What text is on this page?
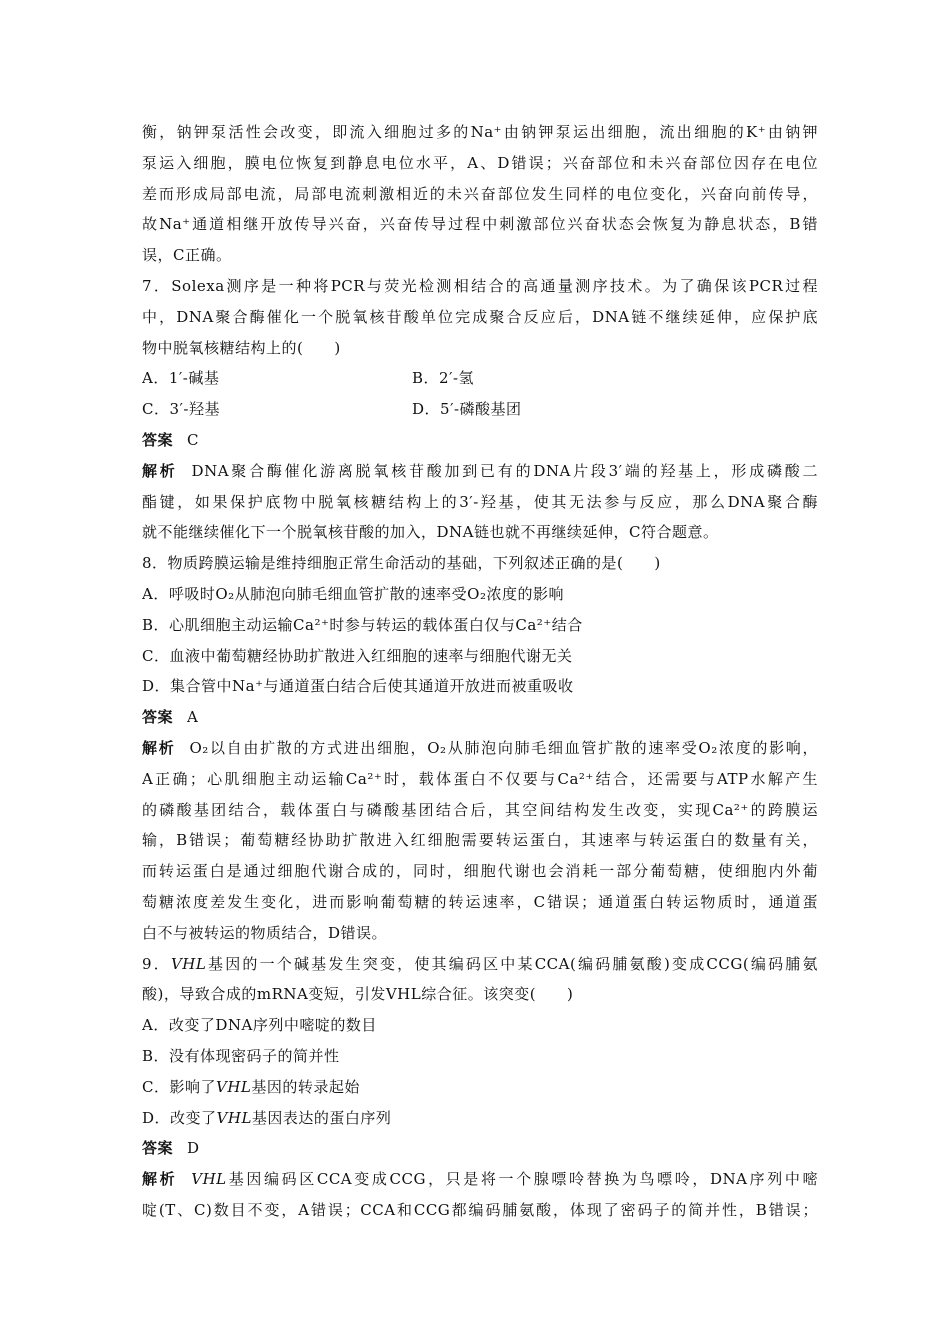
衡，钠钾泵活性会改变，即流入细胞过多的Na⁺由钠钾泵运出细胞，流出细胞的K⁺由钠钾
泵运入细胞，膜电位恢复到静息电位水平，A、D错误；兴奋部位和未兴奋部位因存在电位
差而形成局部电流，局部电流刺激相近的未兴奋部位发生同样的电位变化，兴奋向前传导，
故Na⁺通道相继开放传导兴奋，兴奋传导过程中刺激部位兴奋状态会恢复为静息状态，B错
误，C正确。
7．Solexa测序是一种将PCR与荧光检测相结合的高通量测序技术。为了确保该PCR过程
中，DNA聚合酶催化一个脱氧核苷酸单位完成聚合反应后，DNA链不继续延伸，应保护底
物中脱氧核糖结构上的(　　)
A．1′-碱基	B．2′-氢
C．3′-羟基	D．5′-磷酸基团
答案 C
解析 DNA聚合酶催化游离脱氧核苷酸加到已有的DNA片段3′端的羟基上，形成磷酸二
酯键，如果保护底物中脱氧核糖结构上的3′-羟基，使其无法参与反应，那么DNA聚合酶
就不能继续催化下一个脱氧核苷酸的加入，DNA链也就不再继续延伸，C符合题意。
8．物质跨膜运输是维持细胞正常生命活动的基础，下列叙述正确的是(　　)
A．呼吸时O₂从肺泡向肺毛细血管扩散的速率受O₂浓度的影响
B．心肌细胞主动运输Ca²⁺时参与转运的载体蛋白仅与Ca²⁺结合
C．血液中葡萄糖经协助扩散进入红细胞的速率与细胞代谢无关
D．集合管中Na⁺与通道蛋白结合后使其通道开放进而被重吸收
答案 A
解析 O₂以自由扩散的方式进出细胞，O₂从肺泡向肺毛细血管扩散的速率受O₂浓度的影响，
A正确；心肌细胞主动运输Ca²⁺时，载体蛋白不仅要与Ca²⁺结合，还需要与ATP水解产生
的磷酸基团结合，载体蛋白与磷酸基团结合后，其空间结构发生改变，实现Ca²⁺的跨膜运
输，B错误；葡萄糖经协助扩散进入红细胞需要转运蛋白，其速率与转运蛋白的数量有关，
而转运蛋白是通过细胞代谢合成的，同时，细胞代谢也会消耗一部分葡萄糖，使细胞内外葡
萄糖浓度差发生变化，进而影响葡萄糖的转运速率，C错误；通道蛋白转运物质时，通道蛋
白不与被转运的物质结合，D错误。
9．VHL基因的一个碱基发生突变，使其编码区中某CCA(编码脯氨酸)变成CCG(编码脯氨
酸)，导致合成的mRNA变短，引发VHL综合征。该突变(　　)
A．改变了DNA序列中嘧啶的数目
B．没有体现密码子的简并性
C．影响了VHL基因的转录起始
D．改变了VHL基因表达的蛋白序列
答案 D
解析 VHL基因编码区CCA变成CCG，只是将一个腺嘌呤替换为鸟嘌呤，DNA序列中嘧
啶(T、C)数目不变，A错误；CCA和CCG都编码脯氨酸，体现了密码子的简并性，B错误；
